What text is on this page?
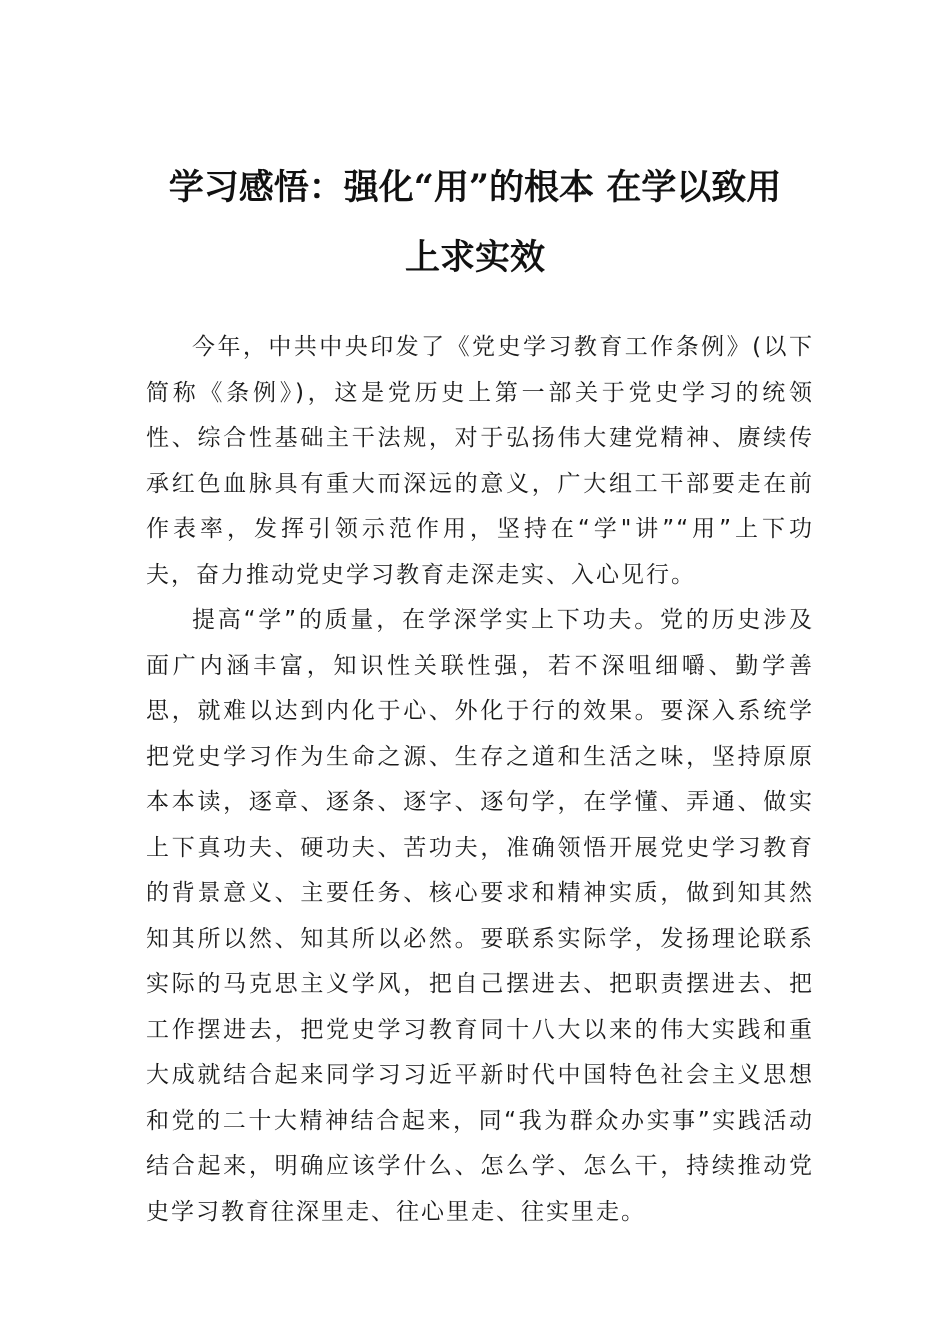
学习感悟：强化“用”的根本 在学以致用
上求实效

今年，中共中央印发了《党史学习教育工作条例》(以下简称《条例》)，这是党历史上第一部关于党史学习的统领性、综合性基础主干法规，对于弘扬伟大建党精神、赓续传承红色血脉具有重大而深远的意义，广大组工干部要走在前作表率，发挥引领示范作用，坚持在“学"讲”“用”上下功夫，奋力推动党史学习教育走深走实、入心见行。

提高“学”的质量，在学深学实上下功夫。党的历史涉及面广内涵丰富，知识性关联性强，若不深咀细嚼、勤学善思，就难以达到内化于心、外化于行的效果。要深入系统学把党史学习作为生命之源、生存之道和生活之味，坚持原原本本读，逐章、逐条、逐字、逐句学，在学懂、弄通、做实上下真功夫、硬功夫、苦功夫，准确领悟开展党史学习教育的背景意义、主要任务、核心要求和精神实质，做到知其然知其所以然、知其所以必然。要联系实际学，发扬理论联系实际的马克思主义学风，把自己摆进去、把职责摆进去、把工作摆进去，把党史学习教育同十八大以来的伟大实践和重大成就结合起来同学习习近平新时代中国特色社会主义思想和党的二十大精神结合起来，同“我为群众办实事”实践活动结合起来，明确应该学什么、怎么学、怎么干，持续推动党史学习教育往深里走、往心里走、往实里走。
